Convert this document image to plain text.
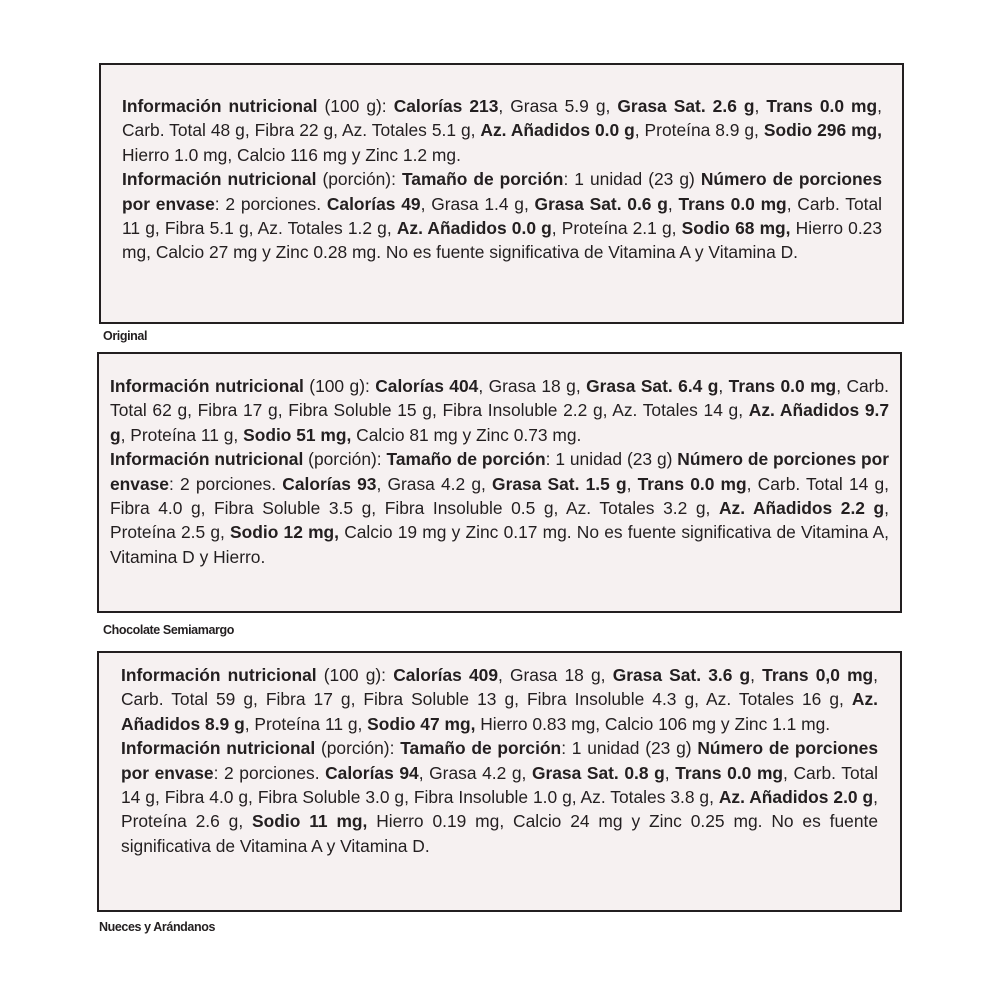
Información nutricional (100 g): Calorías 213, Grasa 5.9 g, Grasa Sat. 2.6 g, Trans 0.0 mg, Carb. Total 48 g, Fibra 22 g, Az. Totales 5.1 g, Az. Añadidos 0.0 g, Proteína 8.9 g, Sodio 296 mg, Hierro 1.0 mg, Calcio 116 mg y Zinc 1.2 mg.

Información nutricional (porción): Tamaño de porción: 1 unidad (23 g) Número de porciones por envase: 2 porciones. Calorías 49, Grasa 1.4 g, Grasa Sat. 0.6 g, Trans 0.0 mg, Carb. Total 11 g, Fibra 5.1 g, Az. Totales 1.2 g, Az. Añadidos 0.0 g, Proteína 2.1 g, Sodio 68 mg, Hierro 0.23 mg, Calcio 27 mg y Zinc 0.28 mg. No es fuente significativa de Vitamina A y Vitamina D.

Original

Información nutricional (100 g): Calorías 404, Grasa 18 g, Grasa Sat. 6.4 g, Trans 0.0 mg, Carb. Total 62 g, Fibra 17 g, Fibra Soluble 15 g, Fibra Insoluble 2.2 g, Az. Totales 14 g, Az. Añadidos 9.7 g, Proteína 11 g, Sodio 51 mg, Calcio 81 mg y Zinc 0.73 mg.

Información nutricional (porción): Tamaño de porción: 1 unidad (23 g) Número de porciones por envase: 2 porciones. Calorías 93, Grasa 4.2 g, Grasa Sat. 1.5 g, Trans 0.0 mg, Carb. Total 14 g, Fibra 4.0 g, Fibra Soluble 3.5 g, Fibra Insoluble 0.5 g, Az. Totales 3.2 g, Az. Añadidos 2.2 g, Proteína 2.5 g, Sodio 12 mg, Calcio 19 mg y Zinc 0.17 mg. No es fuente significativa de Vitamina A, Vitamina D y Hierro.

Chocolate Semiamargo

Información nutricional (100 g): Calorías 409, Grasa 18 g, Grasa Sat. 3.6 g, Trans 0,0 mg, Carb. Total 59 g, Fibra 17 g, Fibra Soluble 13 g, Fibra Insoluble 4.3 g, Az. Totales 16 g, Az. Añadidos 8.9 g, Proteína 11 g, Sodio 47 mg, Hierro 0.83 mg, Calcio 106 mg y Zinc 1.1 mg.

Información nutricional (porción): Tamaño de porción: 1 unidad (23 g) Número de porciones por envase: 2 porciones. Calorías 94, Grasa 4.2 g, Grasa Sat. 0.8 g, Trans 0.0 mg, Carb. Total 14 g, Fibra 4.0 g, Fibra Soluble 3.0 g, Fibra Insoluble 1.0 g, Az. Totales 3.8 g, Az. Añadidos 2.0 g, Proteína 2.6 g, Sodio 11 mg, Hierro 0.19 mg, Calcio 24 mg y Zinc 0.25 mg. No es fuente significativa de Vitamina A y Vitamina D.

Nueces y Arándanos
